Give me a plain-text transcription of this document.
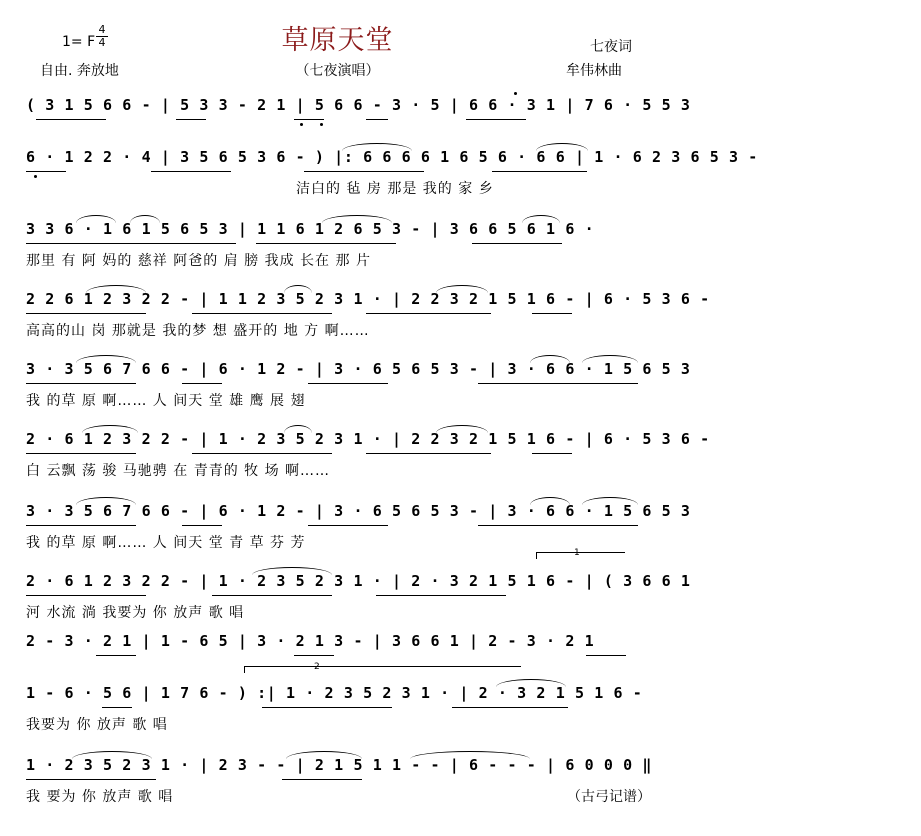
草原天堂
1= F
4
4
自由. 奔放地	（七夜演唱）
七夜词
牟伟林曲
( 3 1 5 6 6 - | 5 3 3 - 2 1 | 5 6 6 - 3 · 5 | 6 6 · 3 1 | 7 6 · 5 5 3
6 · 1 2 2 · 4 | 3 5 6 5 3 6 - ) |: 6 6 6 6 1 6 5 6 · 6 6 | 1 · 6 2 3 6 5 3 -
洁白的 毡 房 那是 我的 家 乡
3 3 6 · 1 6 1 5 6 5 3 | 1 1 6 1 2 6 5 3 - | 3 6 6 5 6 1 6 ·
那里 有 阿 妈的 慈祥 阿爸的 肩 膀 我成 长在 那 片
2 2 6 1 2 3 2 2 - | 1 1 2 3 5 2 3 1 · | 2 2 3 2 1 5 1 6 - | 6 · 5 3 6 -
高高的山 岗 那就是 我的梦 想 盛开的 地 方 啊……
3 · 3 5 6 7 6 6 - | 6 · 1 2 - | 3 · 6 5 6 5 3 - | 3 · 6 6 · 1 5 6 5 3
我 的草 原 啊…… 人 间天 堂 雄 鹰 展 翅
2 · 6 1 2 3 2 2 - | 1 · 2 3 5 2 3 1 · | 2 2 3 2 1 5 1 6 - | 6 · 5 3 6 -
白 云飘 荡 骏 马驰骋 在 青青的 牧 场 啊……
3 · 3 5 6 7 6 6 - | 6 · 1 2 - | 3 · 6 5 6 5 3 - | 3 · 6 6 · 1 5 6 5 3
我 的草 原 啊…… 人 间天 堂 青 草 芬 芳
1
2 · 6 1 2 3 2 2 - | 1 · 2 3 5 2 3 1 · | 2 · 3 2 1 5 1 6 - | ( 3 6 6 1
河 水流 淌 我要为 你 放声 歌 唱
2 - 3 · 2 1 | 1 - 6 5 | 3 · 2 1 3 - | 3 6 6 1 | 2 - 3 · 2 1
2
1 - 6 · 5 6 | 1 7 6 - ) :| 1 · 2 3 5 2 3 1 · | 2 · 3 2 1 5 1 6 -
我要为 你 放声 歌 唱
1 · 2 3 5 2 3 1 · | 2 3 - - | 2 1 5 1 1 - - | 6 - - - | 6 0 0 0 ‖
我 要为 你 放声 歌 唱	（古弓记谱）
